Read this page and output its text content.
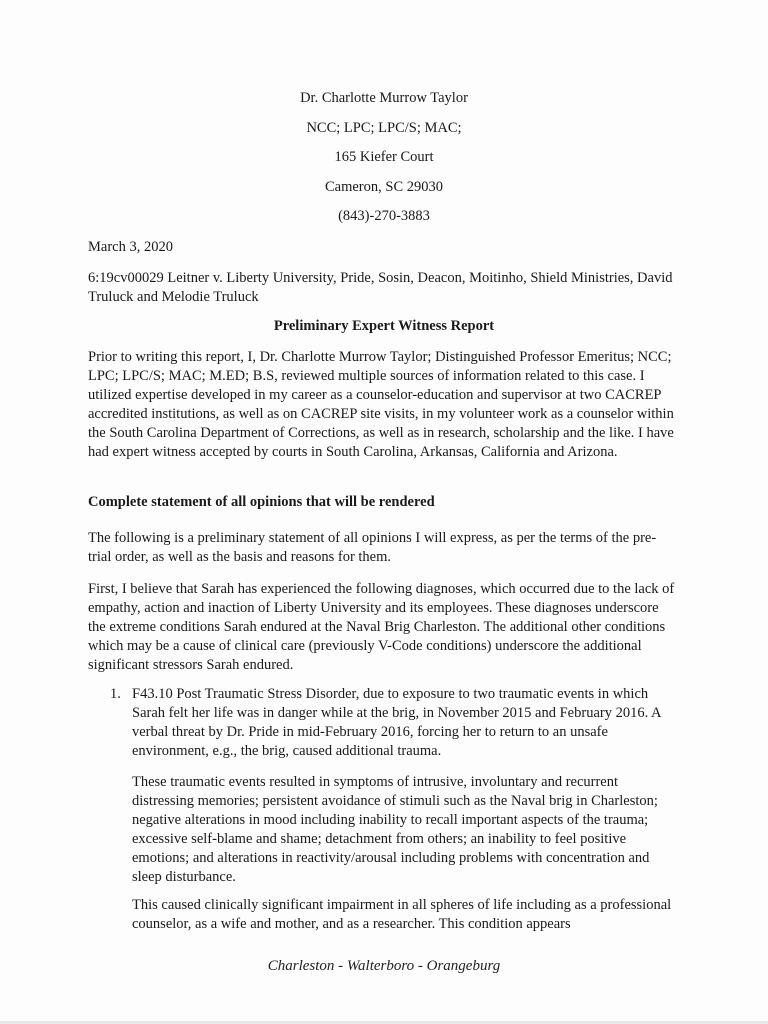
Dr. Charlotte Murrow Taylor
NCC; LPC; LPC/S; MAC;
165 Kiefer Court
Cameron, SC 29030
(843)-270-3883
March 3, 2020
6:19cv00029 Leitner v. Liberty University, Pride, Sosin, Deacon, Moitinho, Shield Ministries, David Truluck and Melodie Truluck
Preliminary Expert Witness Report
Prior to writing this report, I, Dr. Charlotte Murrow Taylor; Distinguished Professor Emeritus; NCC; LPC; LPC/S; MAC; M.ED; B.S, reviewed multiple sources of information related to this case. I utilized expertise developed in my career as a counselor-education and supervisor at two CACREP accredited institutions, as well as on CACREP site visits, in my volunteer work as a counselor within the South Carolina Department of Corrections, as well as in research, scholarship and the like. I have had expert witness accepted by courts in South Carolina, Arkansas, California and Arizona.
Complete statement of all opinions that will be rendered
The following is a preliminary statement of all opinions I will express, as per the terms of the pre-trial order, as well as the basis and reasons for them.
First, I believe that Sarah has experienced the following diagnoses, which occurred due to the lack of empathy, action and inaction of Liberty University and its employees. These diagnoses underscore the extreme conditions Sarah endured at the Naval Brig Charleston. The additional other conditions which may be a cause of clinical care (previously V-Code conditions) underscore the additional significant stressors Sarah endured.
1. F43.10 Post Traumatic Stress Disorder, due to exposure to two traumatic events in which Sarah felt her life was in danger while at the brig, in November 2015 and February 2016. A verbal threat by Dr. Pride in mid-February 2016, forcing her to return to an unsafe environment, e.g., the brig, caused additional trauma.
These traumatic events resulted in symptoms of intrusive, involuntary and recurrent distressing memories; persistent avoidance of stimuli such as the Naval brig in Charleston; negative alterations in mood including inability to recall important aspects of the trauma; excessive self-blame and shame; detachment from others; an inability to feel positive emotions; and alterations in reactivity/arousal including problems with concentration and sleep disturbance.
This caused clinically significant impairment in all spheres of life including as a professional counselor, as a wife and mother, and as a researcher. This condition appears
Charleston - Walterboro - Orangeburg
